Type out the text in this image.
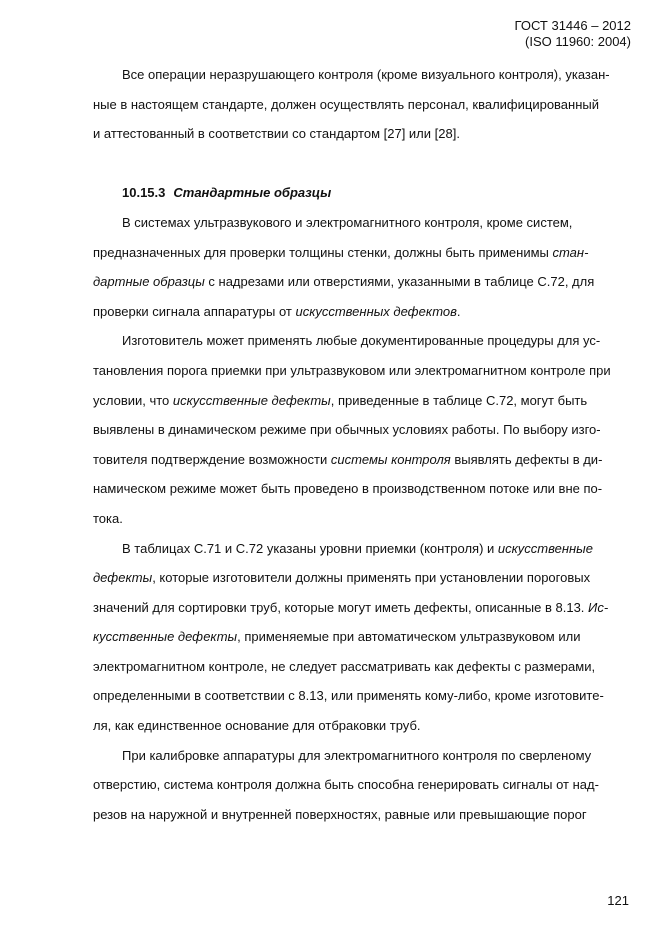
ГОСТ 31446 – 2012
(ISO 11960: 2004)
Все операции неразрушающего контроля (кроме визуального контроля), указан-
ные в настоящем стандарте, должен осуществлять персонал, квалифицированный
и аттестованный в соответствии со стандартом [27] или [28].
10.15.3 Стандартные образцы
В системах ультразвукового и электромагнитного контроля, кроме систем,
предназначенных для проверки толщины стенки, должны быть применимы стан-
дартные образцы с надрезами или отверстиями, указанными в таблице С.72, для
проверки сигнала аппаратуры от искусственных дефектов.
Изготовитель может применять любые документированные процедуры для ус-
тановления порога приемки при ультразвуковом или электромагнитном контроле при
условии, что искусственные дефекты, приведенные в таблице С.72, могут быть
выявлены в динамическом режиме при обычных условиях работы. По выбору изго-
товителя подтверждение возможности системы контроля выявлять дефекты в ди-
намическом режиме может быть проведено в производственном потоке или вне по-
тока.
В таблицах С.71 и С.72 указаны уровни приемки (контроля) и искусственные
дефекты, которые изготовители должны применять при установлении пороговых
значений для сортировки труб, которые могут иметь дефекты, описанные в 8.13. Ис-
кусственные дефекты, применяемые при автоматическом ультразвуковом или
электромагнитном контроле, не следует рассматривать как дефекты с размерами,
определенными в соответствии с 8.13, или применять кому-либо, кроме изготовите-
ля, как единственное основание для отбраковки труб.
При калибровке аппаратуры для электромагнитного контроля по сверленому
отверстию, система контроля должна быть способна генерировать сигналы от над-
резов на наружной и внутренней поверхностях, равные или превышающие порог
121
